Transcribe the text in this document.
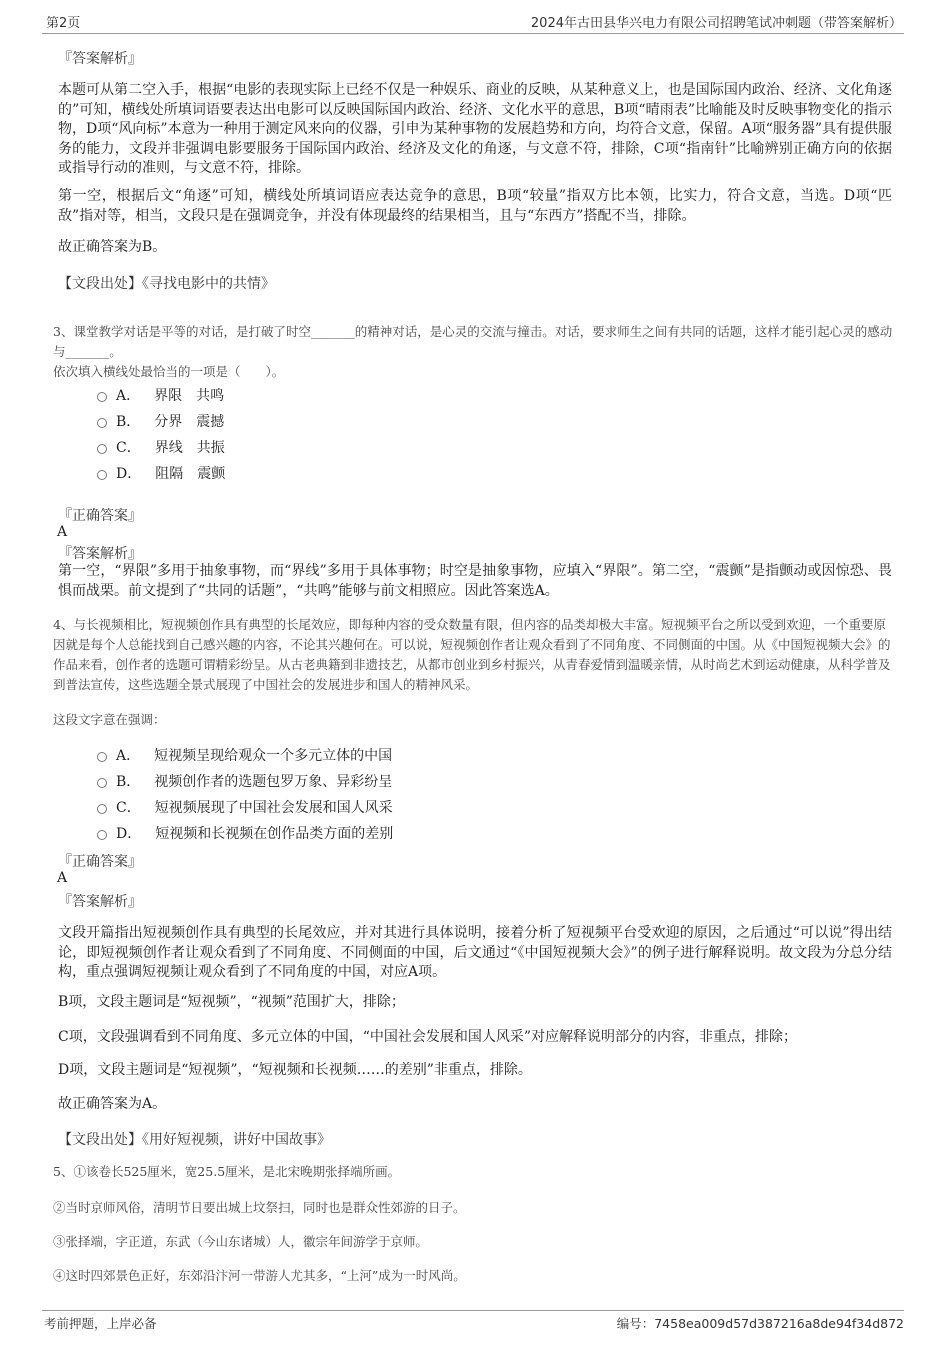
第2页	2024年古田县华兴电力有限公司招聘笔试冲刺题（带答案解析）
『答案解析』
本题可从第二空入手，根据“电影的表现实际上已经不仅是一种娱乐、商业的反映，从某种意义上，也是国际国内政治、经济、文化角逐的”可知，横线处所填词语要表达出电影可以反映国际国内政治、经济、文化水平的意思，B项“晴雨表”比喻能及时反映事物变化的指示物，D项“风向标”本意为一种用于测定风来向的仪器，引申为某种事物的发展趋势和方向，均符合文意，保留。A项“服务器”具有提供服务的能力，文段并非强调电影要服务于国际国内政治、经济及文化的角逐，与文意不符，排除，C项“指南针”比喻辨别正确方向的依据或指导行动的准则，与文意不符，排除。
第一空，根据后文“角逐”可知，横线处所填词语应表达竞争的意思，B项“较量”指双方比本领，比实力，符合文意，当选。D项“匹敌”指对等，相当，文段只是在强调竞争，并没有体现最终的结果相当，且与“东西方”搭配不当，排除。
故正确答案为B。
【文段出处】《寻找电影中的共情》
3、课堂教学对话是平等的对话，是打破了时空_______的精神对话，是心灵的交流与撞击。对话，要求师生之间有共同的话题，这样才能引起心灵的感动与_______。
依次填入横线处最恰当的一项是（　　）。
A． 界限　共鸣
B． 分界　震撼
C． 界线　共振
D． 阻隔　震颤
『正确答案』
A
『答案解析』
第一空，“界限”多用于抽象事物，而“界线”多用于具体事物；时空是抽象事物，应填入“界限”。第二空，“震颤”是指颤动或因惊恐、畏惧而战栗。前文提到了“共同的话题”，“共鸣”能够与前文相照应。因此答案选A。
4、与长视频相比，短视频创作具有典型的长尾效应，即每种内容的受众数量有限，但内容的品类却极大丰富。短视频平台之所以受到欢迎，一个重要原因就是每个人总能找到自己感兴趣的内容，不论其兴趣何在。可以说，短视频创作者让观众看到了不同角度、不同侧面的中国。从《中国短视频大会》的作品来看，创作者的选题可谓精彩纷呈。从古老典籍到非遗技艺，从都市创业到乡村振兴，从青春爱情到温暖亲情，从时尚艺术到运动健康，从科学普及到普法宣传，这些选题全景式展现了中国社会的发展进步和国人的精神风采。
这段文字意在强调：
A． 短视频呈现给观众一个多元立体的中国
B． 视频创作者的选题包罗万象、异彩纷呈
C． 短视频展现了中国社会发展和国人风采
D． 短视频和长视频在创作品类方面的差别
『正确答案』
A
『答案解析』
文段开篇指出短视频创作具有典型的长尾效应，并对其进行具体说明，接着分析了短视频平台受欢迎的原因，之后通过“可以说”得出结论，即短视频创作者让观众看到了不同角度、不同侧面的中国，后文通过“《中国短视频大会》”的例子进行解释说明。故文段为分总分结构，重点强调短视频让观众看到了不同角度的中国，对应A项。
B项，文段主题词是“短视频”，“视频”范围扩大，排除；
C项，文段强调看到不同角度、多元立体的中国，“中国社会发展和国人风采”对应解释说明部分的内容，非重点，排除；
D项，文段主题词是“短视频”，“短视频和长视频……的差别”非重点，排除。
故正确答案为A。
【文段出处】《用好短视频，讲好中国故事》
5、①该卷长525厘米，宽25.5厘米，是北宋晚期张择端所画。
②当时京师风俗，清明节日要出城上坟祭扫，同时也是群众性郊游的日子。
③张择端，字正道，东武（今山东诸城）人，徽宗年间游学于京师。
④这时四郊景色正好，东郊沿汴河一带游人尤其多，“上河”成为一时风尚。
考前押题，上岸必备	编号：7458ea009d57d387216a8de94f34d872
